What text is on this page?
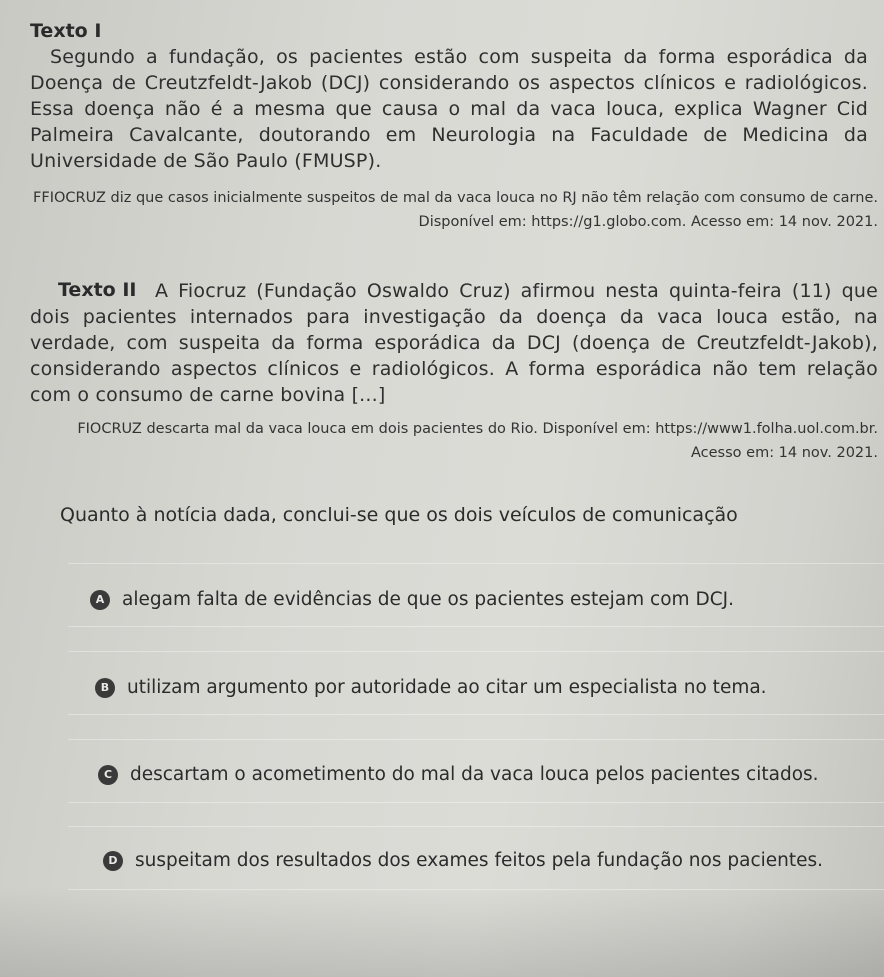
Texto I
Segundo a fundação, os pacientes estão com suspeita da forma esporádica da Doença de Creutzfeldt-Jakob (DCJ) considerando os aspectos clínicos e radiológicos. Essa doença não é a mesma que causa o mal da vaca louca, explica Wagner Cid Palmeira Cavalcante, doutorando em Neurologia na Faculdade de Medicina da Universidade de São Paulo (FMUSP).
FFIOCRUZ diz que casos inicialmente suspeitos de mal da vaca louca no RJ não têm relação com consumo de carne.
Disponível em: https://g1.globo.com. Acesso em: 14 nov. 2021.
Texto II A Fiocruz (Fundação Oswaldo Cruz) afirmou nesta quinta-feira (11) que dois pacientes internados para investigação da doença da vaca louca estão, na verdade, com suspeita da forma esporádica da DCJ (doença de Creutzfeldt-Jakob), considerando aspectos clínicos e radiológicos. A forma esporádica não tem relação com o consumo de carne bovina [...]
FIOCRUZ descarta mal da vaca louca em dois pacientes do Rio. Disponível em: https://www1.folha.uol.com.br.
Acesso em: 14 nov. 2021.
Quanto à notícia dada, conclui-se que os dois veículos de comunicação
A alegam falta de evidências de que os pacientes estejam com DCJ.
B utilizam argumento por autoridade ao citar um especialista no tema.
C descartam o acometimento do mal da vaca louca pelos pacientes citados.
D suspeitam dos resultados dos exames feitos pela fundação nos pacientes.
